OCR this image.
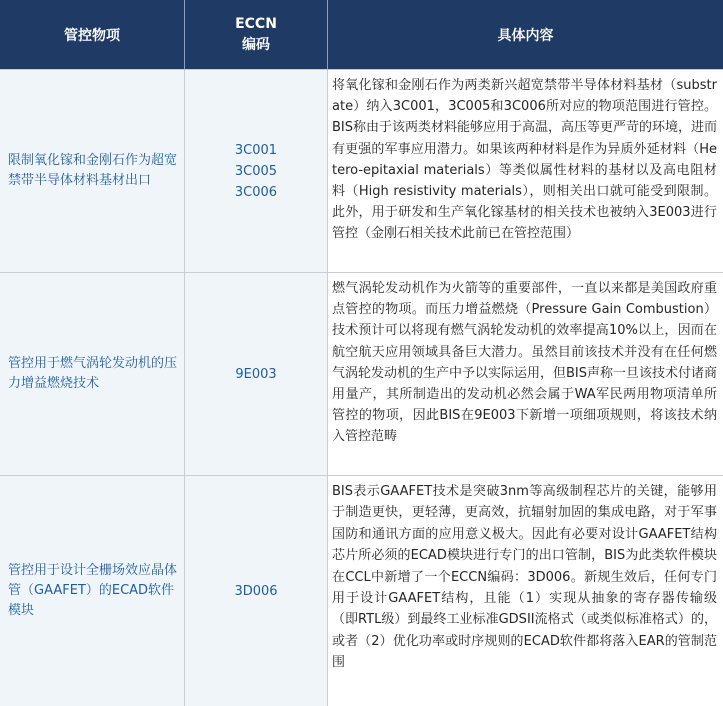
管控物项
ECCN
编码
具体内容
限制氧化镓和金刚石作为超宽禁带半导体材料基材出口
3C001
3C005
3C006
将氧化镓和金刚石作为两类新兴超宽禁带半导体材料基材（substrate）纳入3C001，3C005和3C006所对应的物项范围进行管控。BIS称由于该两类材料能够应用于高温，高压等更严苛的环境，进而有更强的军事应用潜力。如果该两种材料是作为异质外延材料（Hetero-epitaxial materials）等类似属性材料的基材以及高电阻材料（High resistivity materials），则相关出口就可能受到限制。此外，用于研发和生产氧化镓基材的相关技术也被纳入3E003进行管控（金刚石相关技术此前已在管控范围）
管控用于燃气涡轮发动机的压力增益燃烧技术
9E003
燃气涡轮发动机作为火箭等的重要部件，一直以来都是美国政府重点管控的物项。而压力增益燃烧（Pressure Gain Combustion）技术预计可以将现有燃气涡轮发动机的效率提高10%以上，因而在航空航天应用领域具备巨大潜力。虽然目前该技术并没有在任何燃气涡轮发动机的生产中予以实际运用，但BIS声称一旦该技术付诸商用量产，其所制造出的发动机必然会属于WA军民两用物项清单所管控的物项，因此BIS在9E003下新增一项细项规则，将该技术纳入管控范畴
管控用于设计全栅场效应晶体管（GAAFET）的ECAD软件模块
3D006
BIS表示GAAFET技术是突破3nm等高级制程芯片的关键，能够用于制造更快，更轻薄，更高效，抗辐射加固的集成电路，对于军事国防和通讯方面的应用意义极大。因此有必要对设计GAAFET结构芯片所必须的ECAD模块进行专门的出口管制，BIS为此类软件模块在CCL中新增了一个ECCN编码：3D006。新规生效后，任何专门用于设计GAAFET结构，且能（1）实现从抽象的寄存器传输级（即RTL级）到最终工业标准GDSII流格式（或类似标准格式）的，或者（2）优化功率或时序规则的ECAD软件都将落入EAR的管制范围
